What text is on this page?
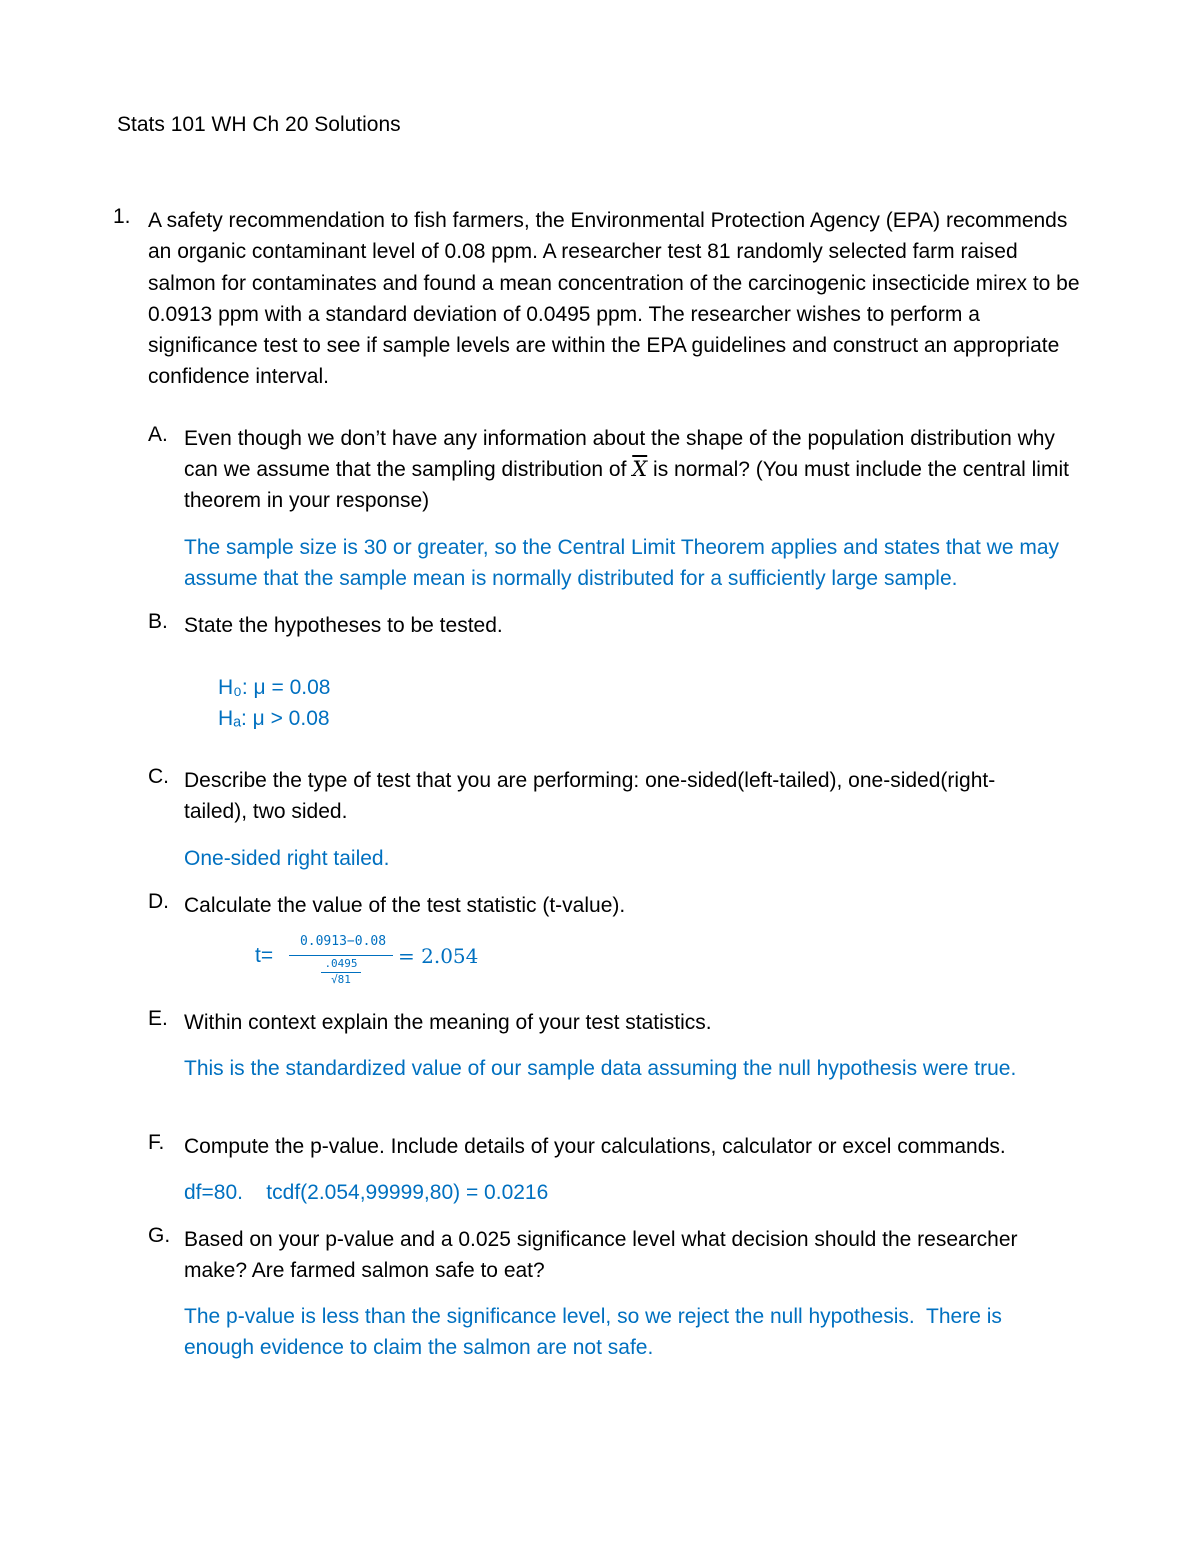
Stats 101 WH Ch 20 Solutions
1. A safety recommendation to fish farmers, the Environmental Protection Agency (EPA) recommends an organic contaminant level of 0.08 ppm. A researcher test 81 randomly selected farm raised salmon for contaminates and found a mean concentration of the carcinogenic insecticide mirex to be 0.0913 ppm with a standard deviation of 0.0495 ppm. The researcher wishes to perform a significance test to see if sample levels are within the EPA guidelines and construct an appropriate confidence interval.
A. Even though we don’t have any information about the shape of the population distribution why can we assume that the sampling distribution of $\overline{X}$ is normal? (You must include the central limit theorem in your response)
The sample size is 30 or greater, so the Central Limit Theorem applies and states that we may assume that the sample mean is normally distributed for a sufficiently large sample.
B. State the hypotheses to be tested.
H₀: μ = 0.08
Hₐ: μ > 0.08
C. Describe the type of test that you are performing: one-sided(left-tailed), one-sided(right-tailed), two sided.
One-sided right tailed.
D. Calculate the value of the test statistic (t-value).
t=
0.0913−0.08
.0495
√81
= 2.054
E. Within context explain the meaning of your test statistics.
This is the standardized value of our sample data assuming the null hypothesis were true.
F. Compute the p-value. Include details of your calculations, calculator or excel commands.
df=80.    tcdf(2.054,99999,80) = 0.0216
G. Based on your p-value and a 0.025 significance level what decision should the researcher make? Are farmed salmon safe to eat?
The p-value is less than the significance level, so we reject the null hypothesis.  There is enough evidence to claim the salmon are not safe.
